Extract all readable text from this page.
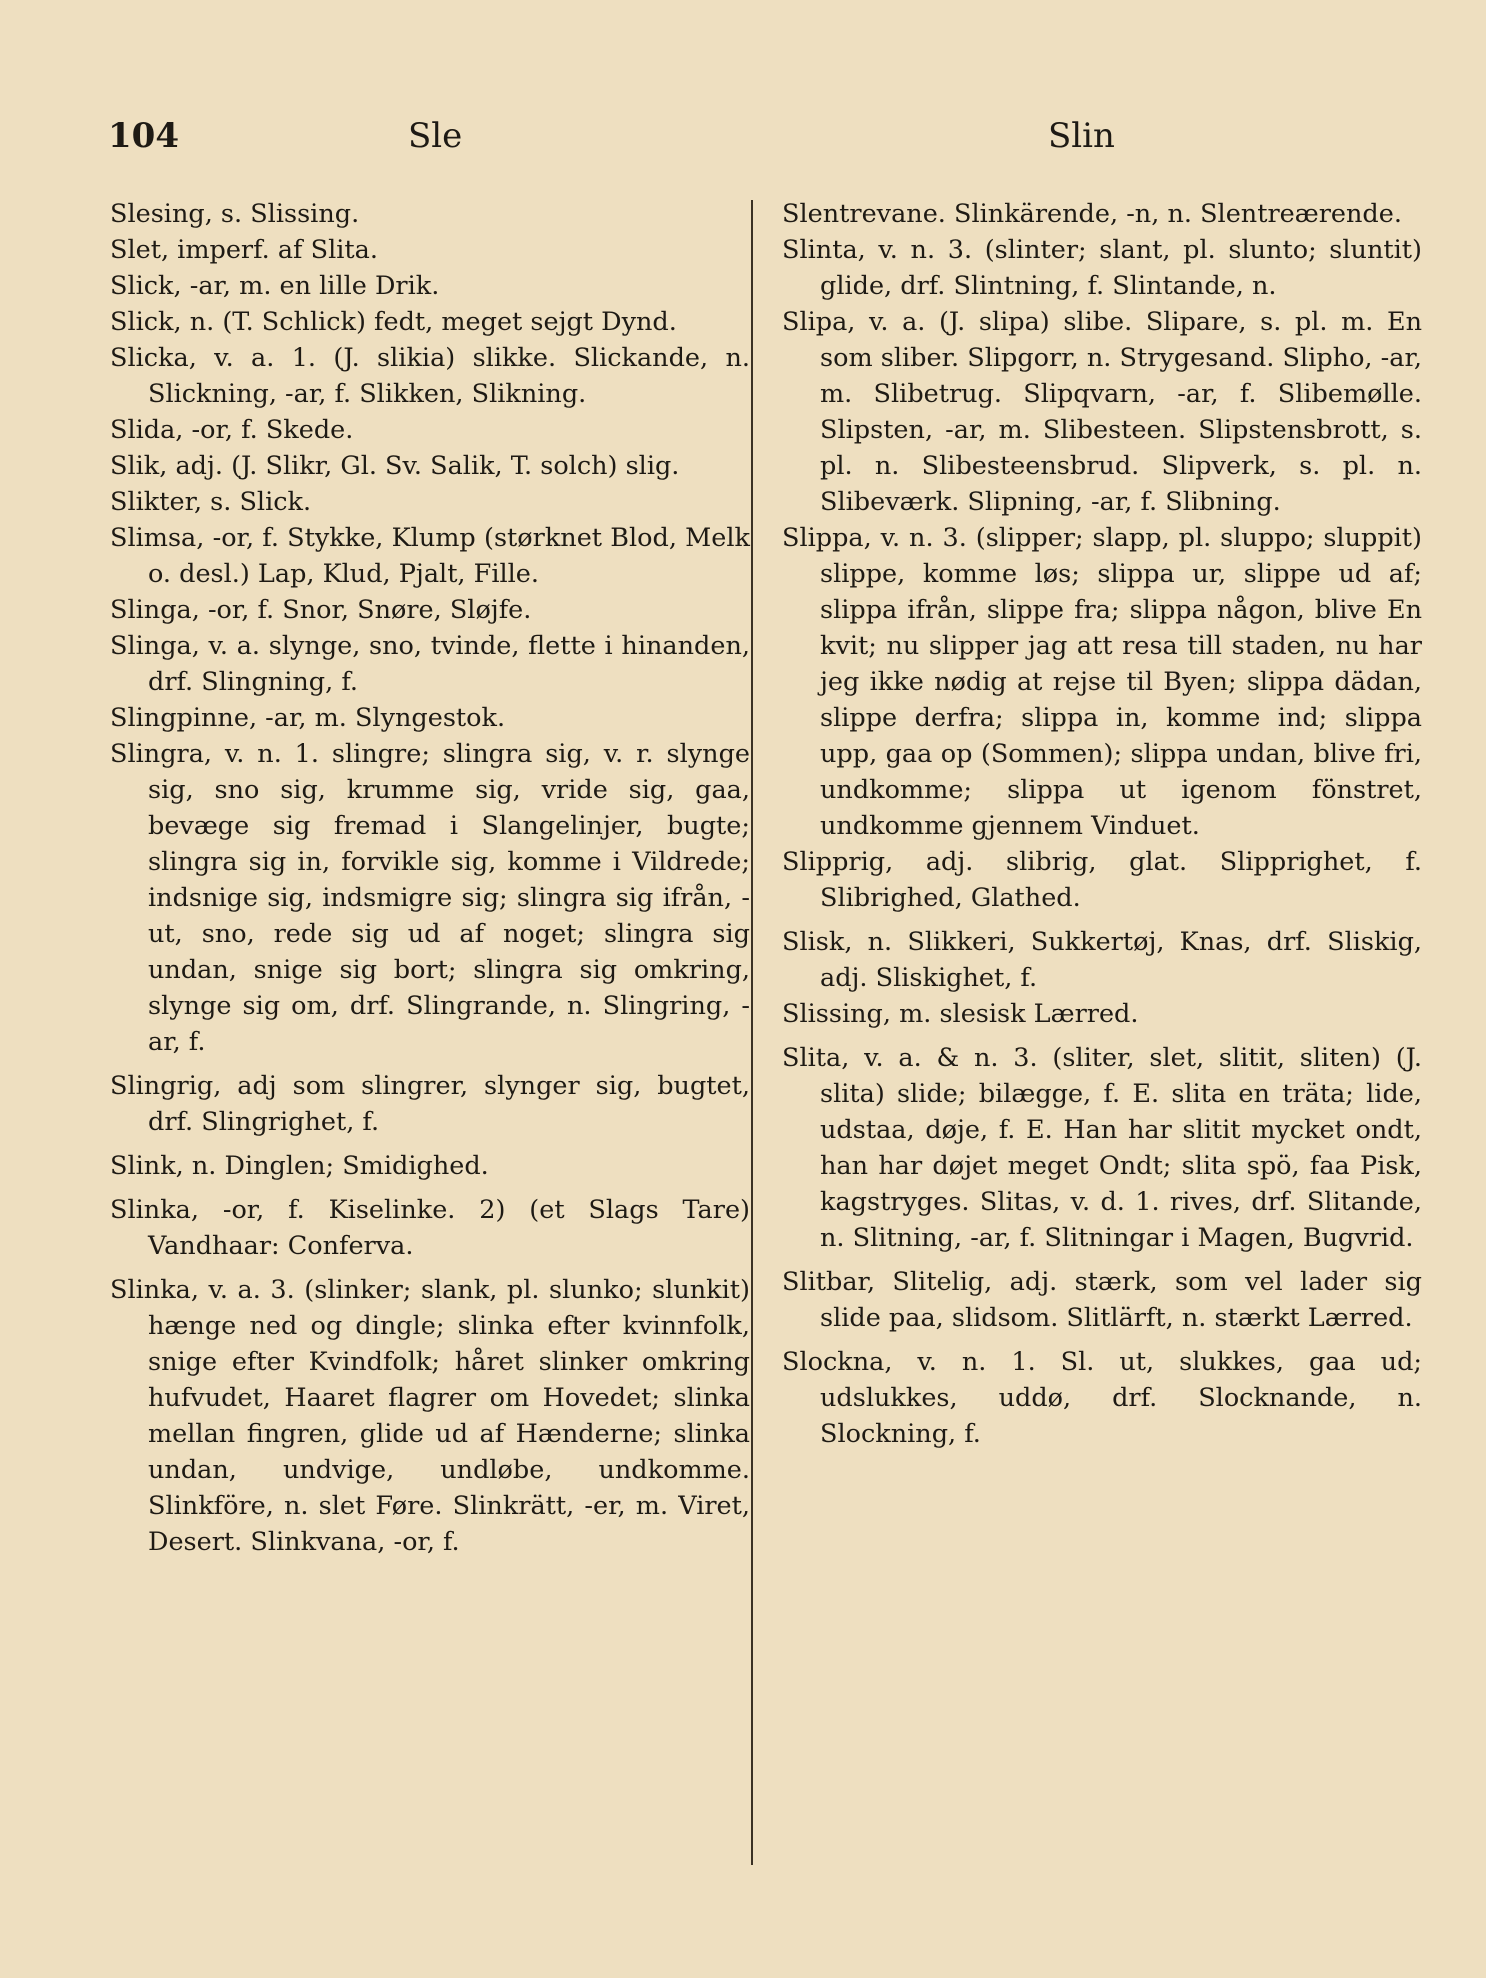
104	Sle	Slin

Slesing, s. Slissing.

Slet, imperf. af Slita.

Slick, -ar, m. en lille Drik.

Slick, n. (T. Schlick) fedt, meget sejgt Dynd.

Slicka, v. a. 1. (J. slikia) slikke. Slickande, n. Slickning, -ar, f. Slikken, Slikning.

Slida, -or, f. Skede.

Slik, adj. (J. Slikr, Gl. Sv. Salik, T. solch) slig.

Slikter, s. Slick.

Slimsa, -or, f. Stykke, Klump (størknet Blod, Melk o. desl.) Lap, Klud, Pjalt, Fille.

Slinga, -or, f. Snor, Snøre, Sløjfe.

Slinga, v. a. slynge, sno, tvinde, flette i hinanden, drf. Slingning, f.

Slingpinne, -ar, m. Slyngestok.

Slingra, v. n. 1. slingre; slingra sig, v. r. slynge sig, sno sig, krumme sig, vride sig, gaa, bevæge sig fremad i Slangelinjer, bugte; slingra sig in, forvikle sig, komme i Vildrede; indsnige sig, indsmigre sig; slingra sig ifrån, -ut, sno, rede sig ud af noget; slingra sig undan, snige sig bort; slingra sig omkring, slynge sig om, drf. Slingrande, n. Slingring, -ar, f.

Slingrig, adj som slingrer, slynger sig, bugtet, drf. Slingrighet, f.

Slink, n. Dinglen; Smidighed.

Slinka, -or, f. Kiselinke. 2) (et Slags Tare) Vandhaar: Conferva.

Slinka, v. a. 3. (slinker; slank, pl. slunko; slunkit) hænge ned og dingle; slinka efter kvinnfolk, snige efter Kvindfolk; håret slinker omkring hufvudet, Haaret flagrer om Hovedet; slinka mellan fingren, glide ud af Hænderne; slinka undan, undvige, undløbe, undkomme. Slinkföre, n. slet Føre. Slinkrätt, -er, m. Viret, Desert. Slinkvana, -or, f.

Slentrevane. Slinkärende, -n, n. Slentreærende.

Slinta, v. n. 3. (slinter; slant, pl. slunto; sluntit) glide, drf. Slintning, f. Slintande, n.

Slipa, v. a. (J. slipa) slibe. Slipare, s. pl. m. En som sliber. Slipgorr, n. Strygesand. Slipho, -ar, m. Slibetrug. Slipqvarn, -ar, f. Slibemølle. Slipsten, -ar, m. Slibesteen. Slipstensbrott, s. pl. n. Slibesteensbrud. Slipverk, s. pl. n. Slibeværk. Slipning, -ar, f. Slibning.

Slippa, v. n. 3. (slipper; slapp, pl. sluppo; sluppit) slippe, komme løs; slippa ur, slippe ud af; slippa ifrån, slippe fra; slippa någon, blive En kvit; nu slipper jag att resa till staden, nu har jeg ikke nødig at rejse til Byen; slippa dädan, slippe derfra; slippa in, komme ind; slippa upp, gaa op (Sommen); slippa undan, blive fri, undkomme; slippa ut igenom fönstret, undkomme gjennem Vinduet.

Slipprig, adj. slibrig, glat. Slipprighet, f. Slibrighed, Glathed.

Slisk, n. Slikkeri, Sukkertøj, Knas, drf. Sliskig, adj. Sliskighet, f.

Slissing, m. slesisk Lærred.

Slita, v. a. & n. 3. (sliter, slet, slitit, sliten) (J. slita) slide; bilægge, f. E. slita en träta; lide, udstaa, døje, f. E. Han har slitit mycket ondt, han har døjet meget Ondt; slita spö, faa Pisk, kagstryges. Slitas, v. d. 1. rives, drf. Slitande, n. Slitning, -ar, f. Slitningar i Magen, Bugvrid.

Slitbar, Slitelig, adj. stærk, som vel lader sig slide paa, slidsom. Slitlärft, n. stærkt Lærred.

Slockna, v. n. 1. Sl. ut, slukkes, gaa ud; udslukkes, uddø, drf. Slocknande, n. Slockning, f.
